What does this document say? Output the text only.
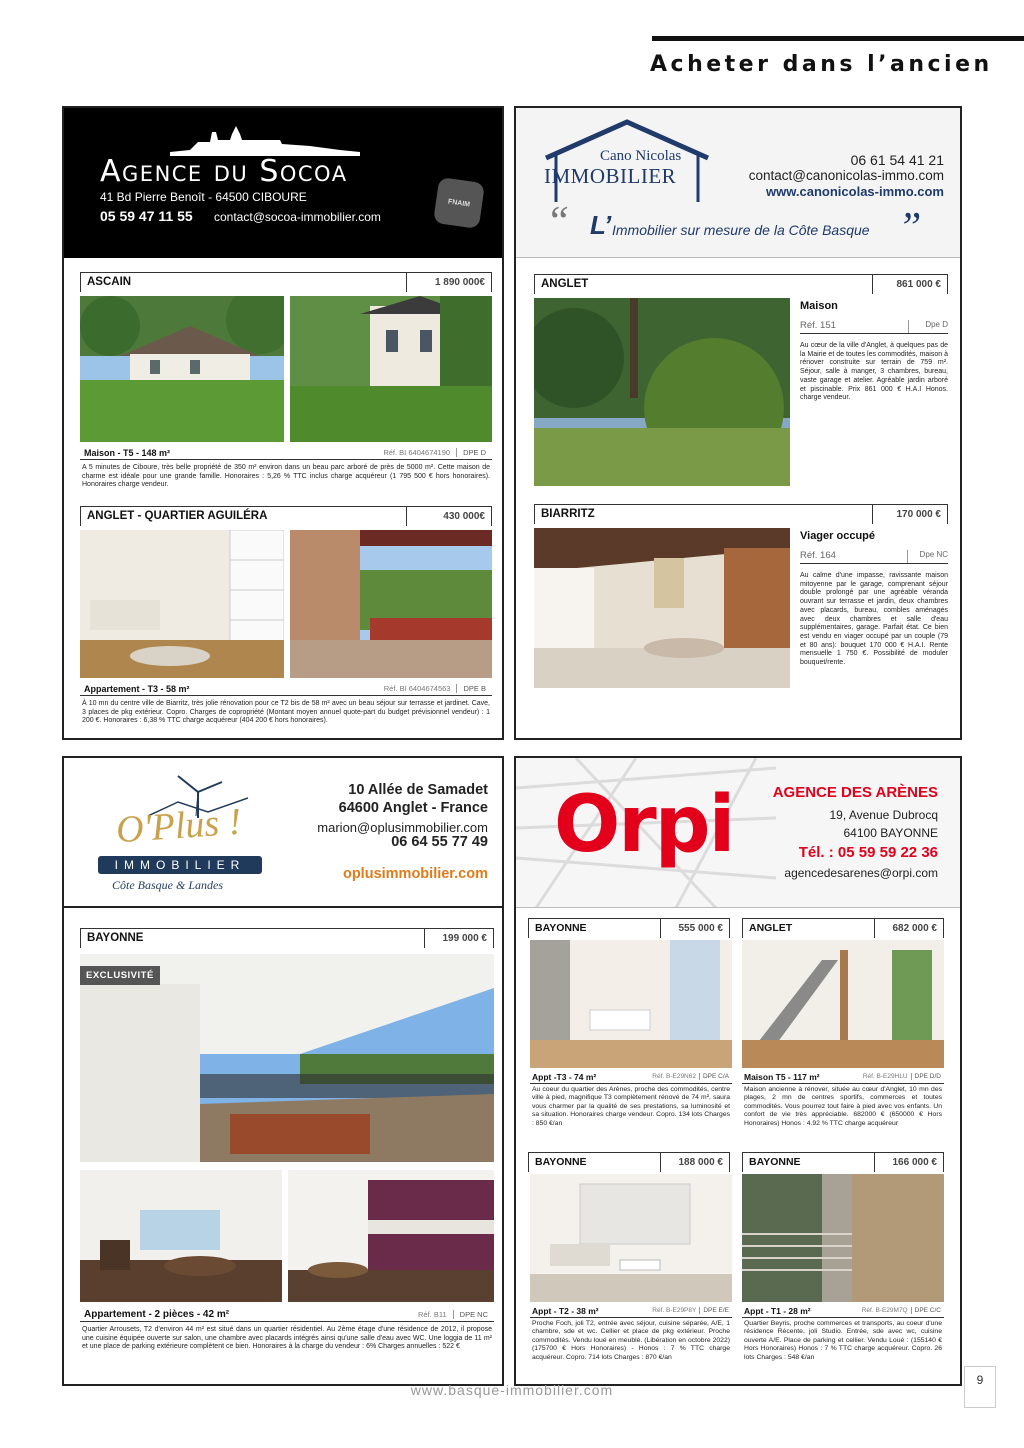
Acheter dans l’ancien
Agence du Socoa
41 Bd Pierre Benoît - 64500 CIBOURE
05 59 47 11 55 contact@socoa-immobilier.com
FNAIM
ASCAIN	1 890 000€
Maison - T5 - 148 m²	Réf. BI 6404674190	DPE D
A 5 minutes de Ciboure, très belle propriété de 350 m² environ dans un beau parc arboré de près de 5000 m². Cette maison de charme est idéale pour une grande famille. Honoraires : 5,26 % TTC inclus charge acquéreur (1 795 500 € hors honoraires). Honoraires charge vendeur.
ANGLET - QUARTIER AGUILÉRA	430 000€
Appartement - T3 - 58 m²	Réf. BI 6404674563	DPE B
À 10 mn du centre ville de Biarritz, très jolie rénovation pour ce T2 bis de 58 m² avec un beau séjour sur terrasse et jardinet. Cave, 3 places de pkg extérieur. Copro. Charges de copropriété (Montant moyen annuel quote-part du budget prévisionnel vendeur) : 1 200 €. Honoraires : 6,38 % TTC charge acquéreur (404 200 € hors honoraires).
Cano Nicolas
IMMOBILIER
06 61 54 41 21
contact@canonicolas-immo.com
www.canonicolas-immo.com
“ L’ Immobilier sur mesure de la Côte Basque ”
ANGLET	861 000 €
Maison
Réf. 151	Dpe D
Au cœur de la ville d'Anglet, à quelques pas de la Mairie et de toutes les commodités, maison à rénover construite sur terrain de 759 m². Séjour, salle à manger, 3 chambres, bureau, vaste garage et atelier. Agréable jardin arboré et piscinable. Prix 861 000 € H.A.I Honos. charge vendeur.
BIARRITZ	170 000 €
Viager occupé
Réf. 164	Dpe NC
Au calme d'une impasse, ravissante maison mitoyenne par le garage, comprenant séjour double prolongé par une agréable véranda ouvrant sur terrasse et jardin, deux chambres avec placards, bureau, combles aménagés avec deux chambres et salle d'eau supplémentaires, garage. Parfait état. Ce bien est vendu en viager occupé par un couple (79 et 80 ans): bouquet 170 000 € H.A.I. Rente mensuelle 1 750 €. Possibilité de moduler bouquet/rente.
O'Plus !
IMMOBILIER
Côte Basque & Landes
10 Allée de Samadet
64600 Anglet - France
marion@oplusimmobilier.com
06 64 55 77 49
oplusimmobilier.com
BAYONNE	199 000 €
EXCLUSIVITÉ
Appartement - 2 pièces - 42 m²	Réf. B11	DPE NC
Quartier Arrousets, T2 d'environ 44 m² est situé dans un quartier résidentiel. Au 2ème étage d'une résidence de 2012, il propose une cuisine équipée ouverte sur salon, une chambre avec placards intégrés ainsi qu'une salle d'eau avec WC. Une loggia de 11 m² et une place de parking extérieure complètent ce bien. Honoraires à la charge du vendeur : 6% Charges annuelles : 522 €
Orpi	AGENCE DES ARÈNES
19, Avenue Dubrocq
64100 BAYONNE
Tél. : 05 59 59 22 36
agencedesarenes@orpi.com
BAYONNE	555 000 €
Appt -T3 - 74 m²	Réf. B-E29N62	DPE C/A
Au coeur du quartier des Arènes, proche des commodités, centre ville à pied, magnifique T3 complètement rénové de 74 m², saura vous charmer par la qualité de ses prestations, sa luminosité et sa situation. Honoraires charge vendeur. Copro. 134 lots Charges : 850 €/an
ANGLET	682 000 €
Maison T5 - 117 m²	Réf. B-E29HLU	DPE D/D
Maison ancienne à rénover, située au cœur d'Anglet, 10 mn des plages, 2 mn de centres sportifs, commerces et toutes commodités. Vous pourrez tout faire à pied avec vos enfants. Un confort de vie très appréciable. 682000 € (650000 € Hors Honoraires) Honos : 4.92 % TTC charge acquéreur
BAYONNE	188 000 €
Appt - T2 - 38 m²	Réf. B-E29P8Y	DPE E/E
Proche Foch, joli T2, entrée avec séjour, cuisine séparée, A/E, 1 chambre, sde et wc. Cellier et place de pkg extérieur. Proche commodités. Vendu loué en meublé. (Libération en octobre 2022) (175700 € Hors Honoraires) - Honos : 7 % TTC charge acquéreur. Copro. 714 lots Charges : 870 €/an
BAYONNE	166 000 €
Appt - T1 - 28 m²	Réf. B-E29M7Q	DPE C/C
Quartier Beyris, proche commerces et transports, au coeur d'une résidence Récente, joli Studio. Entrée, sde avec wc, cuisine ouverte A/E. Place de parking et cellier. Vendu Loué : (155140 € Hors Honoraires) Honos : 7 % TTC charge acquéreur. Copro. 26 lots Charges : 548 €/an
www.basque-immobilier.com
9
